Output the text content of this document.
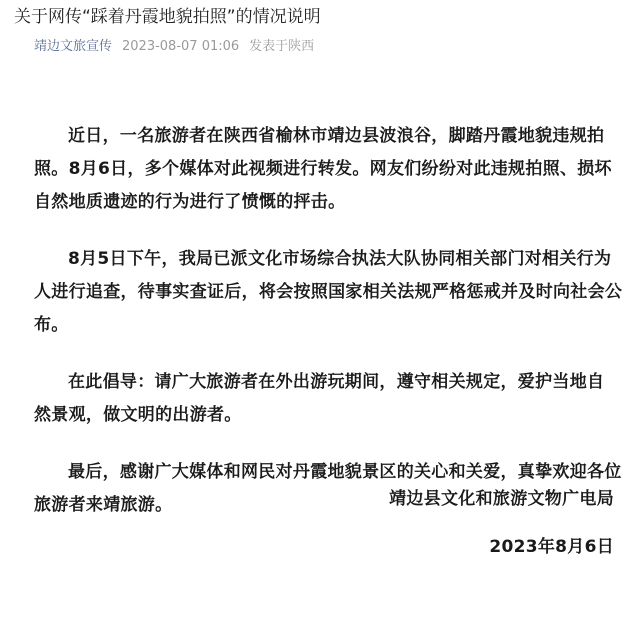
关于网传“踩着丹霞地貌拍照”的情况说明
靖边文旅宣传 2023-08-07 01:06 发表于陕西

近日，一名旅游者在陕西省榆林市靖边县波浪谷，脚踏丹霞地貌违规拍照。8月6日，多个媒体对此视频进行转发。网友们纷纷对此违规拍照、损坏自然地质遗迹的行为进行了愤慨的抨击。

8月5日下午，我局已派文化市场综合执法大队协同相关部门对相关行为人进行追查，待事实查证后，将会按照国家相关法规严格惩戒并及时向社会公布。

在此倡导：请广大旅游者在外出游玩期间，遵守相关规定，爱护当地自然景观，做文明的出游者。

最后，感谢广大媒体和网民对丹霞地貌景区的关心和关爱，真挚欢迎各位旅游者来靖旅游。	靖边县文化和旅游文物广电局
2023年8月6日
